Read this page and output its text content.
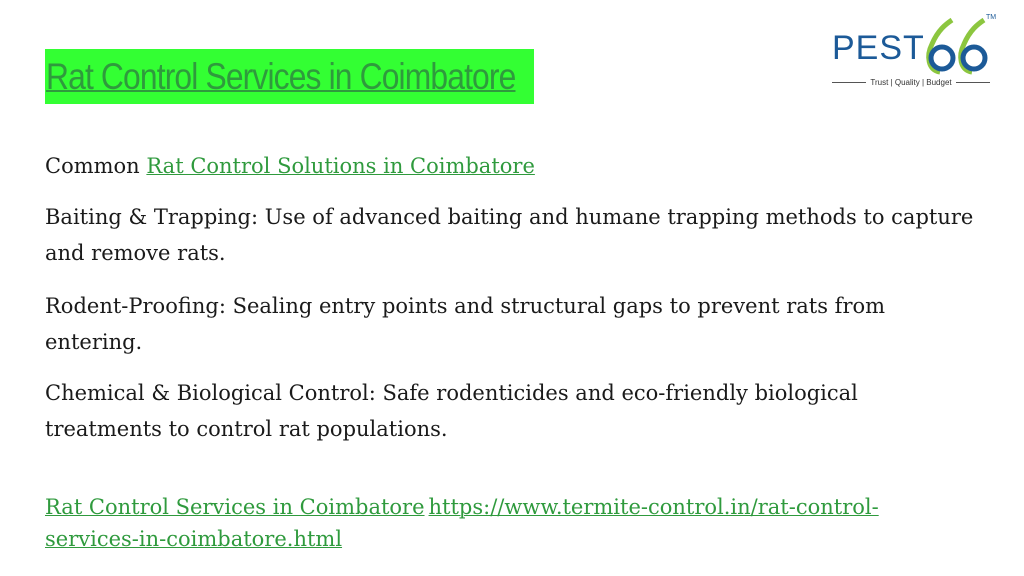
Rat Control Services in Coimbatore
PEST
TM
Trust | Quality | Budget
Common Rat Control Solutions in Coimbatore
Baiting & Trapping: Use of advanced baiting and humane trapping methods to capture and remove rats.
Rodent-Proofing: Sealing entry points and structural gaps to prevent rats from entering.
Chemical & Biological Control: Safe rodenticides and eco-friendly biological treatments to control rat populations.
Rat Control Services in Coimbatore https://www.termite-control.in/rat-control-services-in-coimbatore.html
